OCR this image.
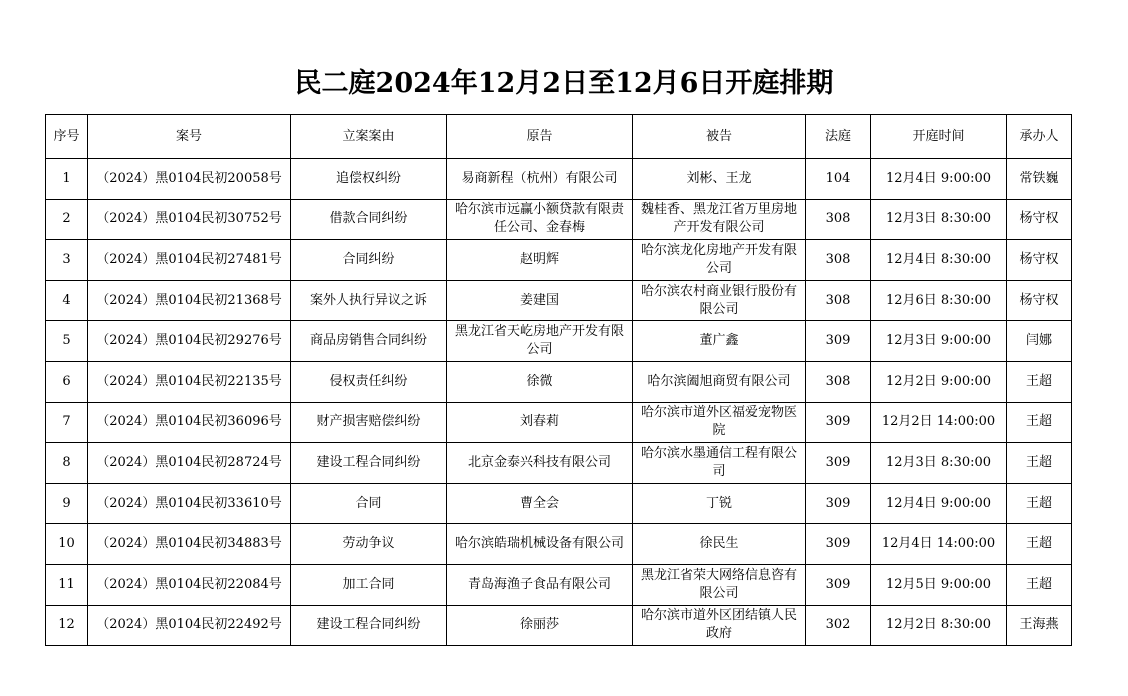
民二庭2024年12月2日至12月6日开庭排期
序号	案号	立案案由	原告	被告	法庭	开庭时间	承办人
1	（2024）黑0104民初20058号	追偿权纠纷	易商新程（杭州）有限公司	刘彬、王龙	104	12月4日 9:00:00	常铁巍
2	（2024）黑0104民初30752号	借款合同纠纷	哈尔滨市远赢小额贷款有限责任公司、金春梅	魏桂香、黑龙江省万里房地产开发有限公司	308	12月3日 8:30:00	杨守权
3	（2024）黑0104民初27481号	合同纠纷	赵明辉	哈尔滨龙化房地产开发有限公司	308	12月4日 8:30:00	杨守权
4	（2024）黑0104民初21368号	案外人执行异议之诉	姜建国	哈尔滨农村商业银行股份有限公司	308	12月6日 8:30:00	杨守权
5	（2024）黑0104民初29276号	商品房销售合同纠纷	黑龙江省天屹房地产开发有限公司	董广鑫	309	12月3日 9:00:00	闫娜
6	（2024）黑0104民初22135号	侵权责任纠纷	徐微	哈尔滨阖旭商贸有限公司	308	12月2日 9:00:00	王超
7	（2024）黑0104民初36096号	财产损害赔偿纠纷	刘春莉	哈尔滨市道外区福爱宠物医院	309	12月2日 14:00:00	王超
8	（2024）黑0104民初28724号	建设工程合同纠纷	北京金泰兴科技有限公司	哈尔滨水墨通信工程有限公司	309	12月3日 8:30:00	王超
9	（2024）黑0104民初33610号	合同	曹全会	丁锐	309	12月4日 9:00:00	王超
10	（2024）黑0104民初34883号	劳动争议	哈尔滨皓瑞机械设备有限公司	徐民生	309	12月4日 14:00:00	王超
11	（2024）黑0104民初22084号	加工合同	青岛海渔子食品有限公司	黑龙江省荣大网络信息咨有限公司	309	12月5日 9:00:00	王超
12	（2024）黑0104民初22492号	建设工程合同纠纷	徐丽莎	哈尔滨市道外区团结镇人民政府	302	12月2日 8:30:00	王海燕
